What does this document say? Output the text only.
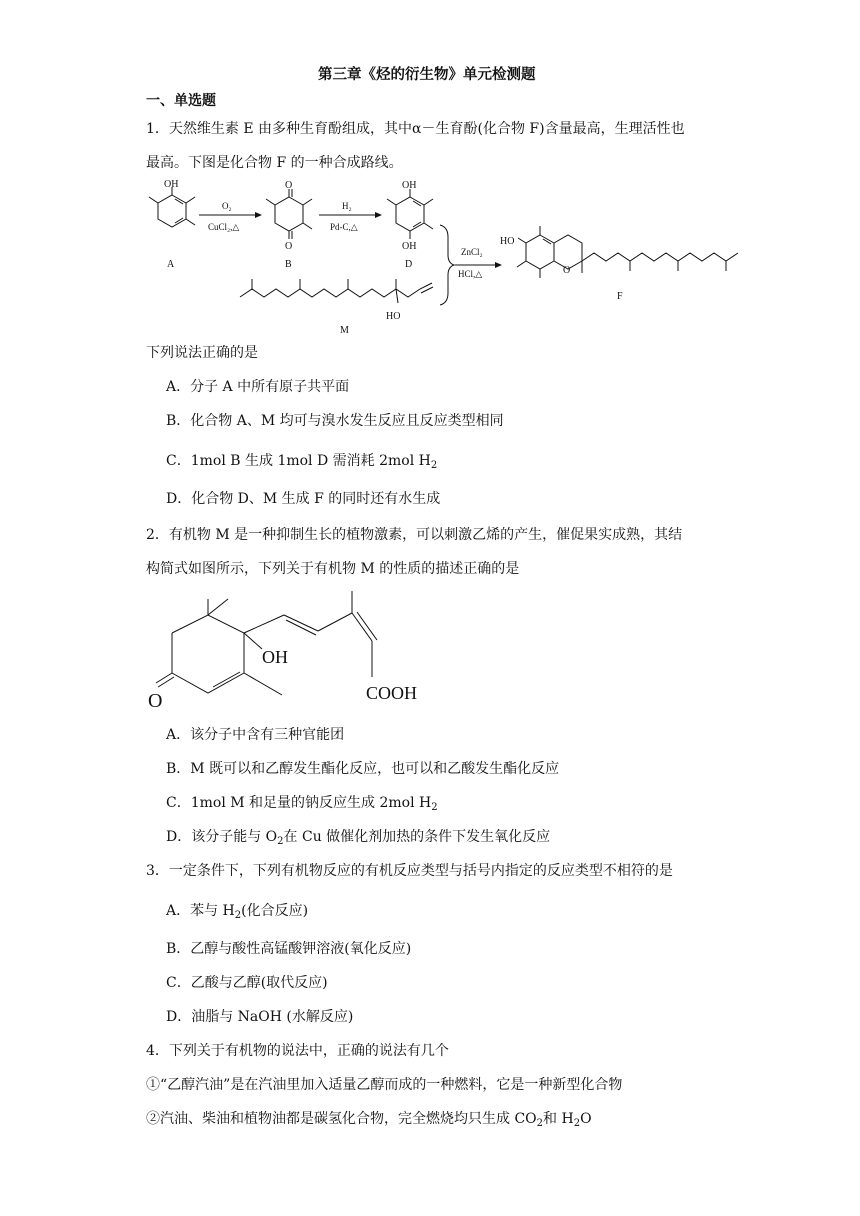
第三章《烃的衍生物》单元检测题
一、单选题
1．天然维生素 E 由多种生育酚组成，其中α－生育酚(化合物 F)含量最高，生理活性也
最高。下图是化合物 F 的一种合成路线。
OH
A
O₂
CuCl₂,△
O
O
B
H₂
Pd-C,△
OH
OH
D
HO
M
ZnCl₂
HCl,△
HO
O
F
下列说法正确的是
A．分子 A 中所有原子共平面
B．化合物 A、M 均可与溴水发生反应且反应类型相同
C．1mol B 生成 1mol D 需消耗 2mol $H_2$
D．化合物 D、M 生成 F 的同时还有水生成
2．有机物 M 是一种抑制生长的植物激素，可以刺激乙烯的产生，催促果实成熟，其结
构简式如图所示，下列关于有机物 M 的性质的描述正确的是
OH
O	COOH
A．该分子中含有三种官能团
B．M 既可以和乙醇发生酯化反应，也可以和乙酸发生酯化反应
C．1mol M 和足量的钠反应生成 2mol $H_2$
D．该分子能与 $O_2$在 Cu 做催化剂加热的条件下发生氧化反应
3．一定条件下，下列有机物反应的有机反应类型与括号内指定的反应类型不相符的是
A．苯与 $H_2$(化合反应)
B．乙醇与酸性高锰酸钾溶液(氧化反应)
C．乙酸与乙醇(取代反应)
D．油脂与 NaOH (水解反应)
4．下列关于有机物的说法中，正确的说法有几个
①“乙醇汽油”是在汽油里加入适量乙醇而成的一种燃料，它是一种新型化合物
②汽油、柴油和植物油都是碳氢化合物，完全燃烧均只生成 $CO_2$和 $H_2O$
